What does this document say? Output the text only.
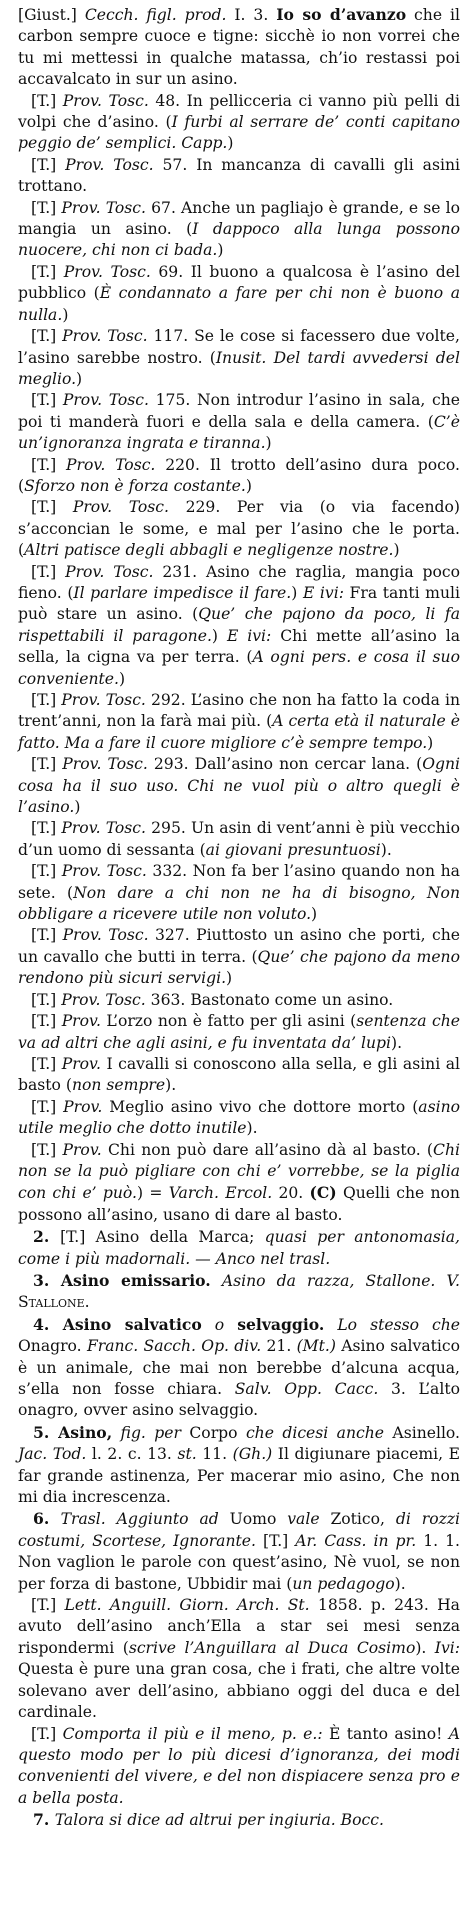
[Giust.] Cecch. figl. prod. I. 3. Io so d’avanzo che il carbon sempre cuoce e tigne: sicchè io non vorrei che tu mi mettessi in qualche matassa, ch’io restassi poi accavalcato in sur un asino.

[T.] Prov. Tosc. 48. In pellicceria ci vanno più pelli di volpi che d’asino. (I furbi al serrare de’ conti capitano peggio de’ semplici. Capp.)

[T.] Prov. Tosc. 57. In mancanza di cavalli gli asini trottano.

[T.] Prov. Tosc. 67. Anche un pagliajo è grande, e se lo mangia un asino. (I dappoco alla lunga possono nuocere, chi non ci bada.)

[T.] Prov. Tosc. 69. Il buono a qualcosa è l’asino del pubblico (È condannato a fare per chi non è buono a nulla.)

[T.] Prov. Tosc. 117. Se le cose si facessero due volte, l’asino sarebbe nostro. (Inusit. Del tardi avvedersi del meglio.)

[T.] Prov. Tosc. 175. Non introdur l’asino in sala, che poi ti manderà fuori e della sala e della camera. (C’è un’ignoranza ingrata e tiranna.)

[T.] Prov. Tosc. 220. Il trotto dell’asino dura poco. (Sforzo non è forza costante.)

[T.] Prov. Tosc. 229. Per via (o via facendo) s’acconcian le some, e mal per l’asino che le porta. (Altri patisce degli abbagli e negligenze nostre.)

[T.] Prov. Tosc. 231. Asino che raglia, mangia poco fieno. (Il parlare impedisce il fare.) E ivi: Fra tanti muli può stare un asino. (Que’ che pajono da poco, li fa rispettabili il paragone.) E ivi: Chi mette all’asino la sella, la cigna va per terra. (A ogni pers. e cosa il suo conveniente.)

[T.] Prov. Tosc. 292. L’asino che non ha fatto la coda in trent’anni, non la farà mai più. (A certa età il naturale è fatto. Ma a fare il cuore migliore c’è sempre tempo.)

[T.] Prov. Tosc. 293. Dall’asino non cercar lana. (Ogni cosa ha il suo uso. Chi ne vuol più o altro quegli è l’asino.)

[T.] Prov. Tosc. 295. Un asin di vent’anni è più vecchio d’un uomo di sessanta (ai giovani presuntuosi).

[T.] Prov. Tosc. 332. Non fa ber l’asino quando non ha sete. (Non dare a chi non ne ha di bisogno, Non obbligare a ricevere utile non voluto.)

[T.] Prov. Tosc. 327. Piuttosto un asino che porti, che un cavallo che butti in terra. (Que’ che pajono da meno rendono più sicuri servigi.)

[T.] Prov. Tosc. 363. Bastonato come un asino.

[T.] Prov. L’orzo non è fatto per gli asini (sentenza che va ad altri che agli asini, e fu inventata da’ lupi).

[T.] Prov. I cavalli si conoscono alla sella, e gli asini al basto (non sempre).

[T.] Prov. Meglio asino vivo che dottore morto (asino utile meglio che dotto inutile).

[T.] Prov. Chi non può dare all’asino dà al basto. (Chi non se la può pigliare con chi e’ vorrebbe, se la piglia con chi e’ può.) = Varch. Ercol. 20. (C) Quelli che non possono all’asino, usano di dare al basto.

2. [T.] Asino della Marca; quasi per antonomasia, come i più madornali. — Anco nel trasl.

3. Asino emissario. Asino da razza, Stallone. V. Stallone.

4. Asino salvatico o selvaggio. Lo stesso che Onagro. Franc. Sacch. Op. div. 21. (Mt.) Asino salvatico è un animale, che mai non berebbe d’alcuna acqua, s’ella non fosse chiara. Salv. Opp. Cacc. 3. L’alto onagro, ovver asino selvaggio.

5. Asino, fig. per Corpo che dicesi anche Asinello. Jac. Tod. l. 2. c. 13. st. 11. (Gh.) Il digiunare piacemi, E far grande astinenza, Per macerar mio asino, Che non mi dia increscenza.

6. Trasl. Aggiunto ad Uomo vale Zotico, di rozzi costumi, Scortese, Ignorante. [T.] Ar. Cass. in pr. 1. 1. Non vaglion le parole con quest’asino, Nè vuol, se non per forza di bastone, Ubbidir mai (un pedagogo).

[T.] Lett. Anguill. Giorn. Arch. St. 1858. p. 243. Ha avuto dell’asino anch’Ella a star sei mesi senza rispondermi (scrive l’Anguillara al Duca Cosimo). Ivi: Questa è pure una gran cosa, che i frati, che altre volte solevano aver dell’asino, abbiano oggi del duca e del cardinale.

[T.] Comporta il più e il meno, p. e.: È tanto asino! A questo modo per lo più dicesi d’ignoranza, dei modi convenienti del vivere, e del non dispiacere senza pro e a bella posta.

7. Talora si dice ad altrui per ingiuria. Bocc.
